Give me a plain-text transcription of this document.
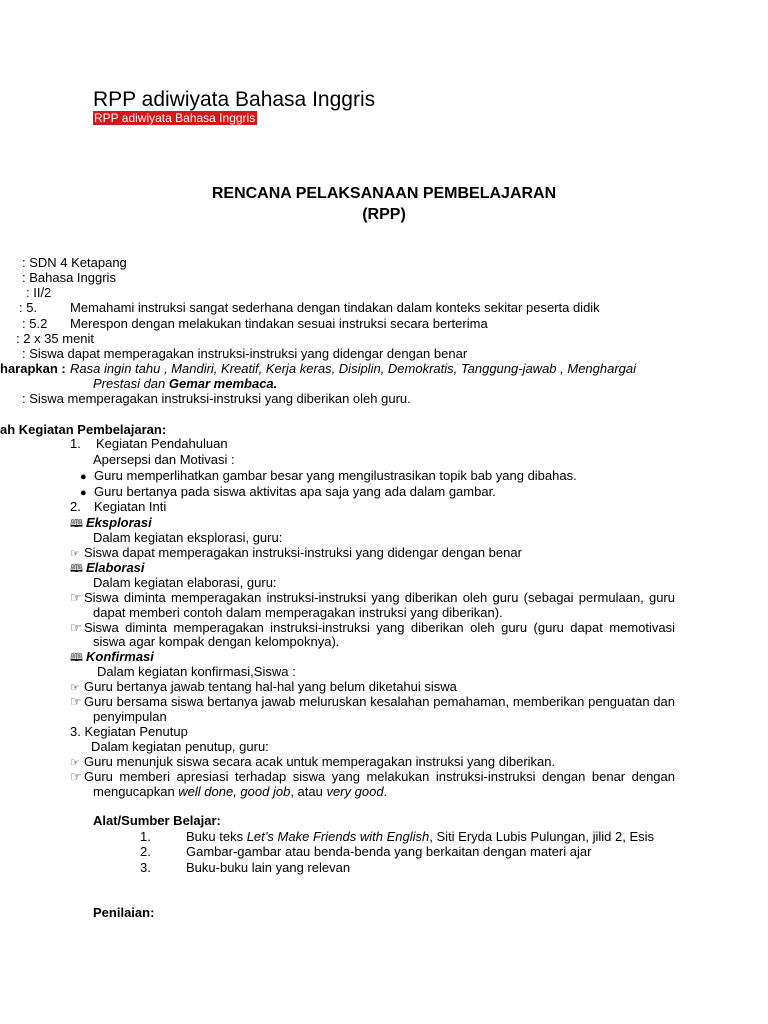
RPP adiwiyata Bahasa Inggris
RPP adiwiyata Bahasa Inggris
RENCANA PELAKSANAAN PEMBELAJARAN
(RPP)
: SDN 4 Ketapang
: Bahasa Inggris
: II/2
: 5.	Memahami instruksi sangat sederhana dengan tindakan dalam konteks sekitar peserta didik
: 5.2 Merespon dengan melakukan tindakan sesuai instruksi secara berterima
: 2 x 35 menit
: Siswa dapat memperagakan instruksi-instruksi yang didengar dengan benar
harapkan : Rasa ingin tahu , Mandiri, Kreatif, Kerja keras, Disiplin, Demokratis, Tanggung-jawab , Menghargai
Prestasi dan Gemar membaca.
: Siswa memperagakan instruksi-instruksi yang diberikan oleh guru.
ah Kegiatan Pembelajaran:
1. Kegiatan Pendahuluan
Apersepsi dan Motivasi :
● Guru memperlihatkan gambar besar yang mengilustrasikan topik bab yang dibahas.
● Guru bertanya pada siswa aktivitas apa saja yang ada dalam gambar.
2. Kegiatan Inti
🕮 Eksplorasi
Dalam kegiatan eksplorasi, guru:
☞ Siswa dapat memperagakan instruksi-instruksi yang didengar dengan benar
🕮 Elaborasi
Dalam kegiatan elaborasi, guru:
☞ Siswa diminta memperagakan instruksi-instruksi yang diberikan oleh guru (sebagai permulaan, guru
dapat memberi contoh dalam memperagakan instruksi yang diberikan).
☞ Siswa diminta memperagakan instruksi-instruksi yang diberikan oleh guru (guru dapat memotivasi
siswa agar kompak dengan kelompoknya).
🕮 Konfirmasi
Dalam kegiatan konfirmasi,Siswa :
☞ Guru bertanya jawab tentang hal-hal yang belum diketahui siswa
☞ Guru bersama siswa bertanya jawab meluruskan kesalahan pemahaman, memberikan penguatan dan
penyimpulan
3. Kegiatan Penutup
Dalam kegiatan penutup, guru:
☞ Guru menunjuk siswa secara acak untuk memperagakan instruksi yang diberikan.
☞ Guru memberi apresiasi terhadap siswa yang melakukan instruksi-instruksi dengan benar dengan
mengucapkan well done, good job, atau very good.
Alat/Sumber Belajar:
1.	Buku teks Let’s Make Friends with English, Siti Eryda Lubis Pulungan, jilid 2, Esis
2.	Gambar-gambar atau benda-benda yang berkaitan dengan materi ajar
3.	Buku-buku lain yang relevan
Penilaian:
